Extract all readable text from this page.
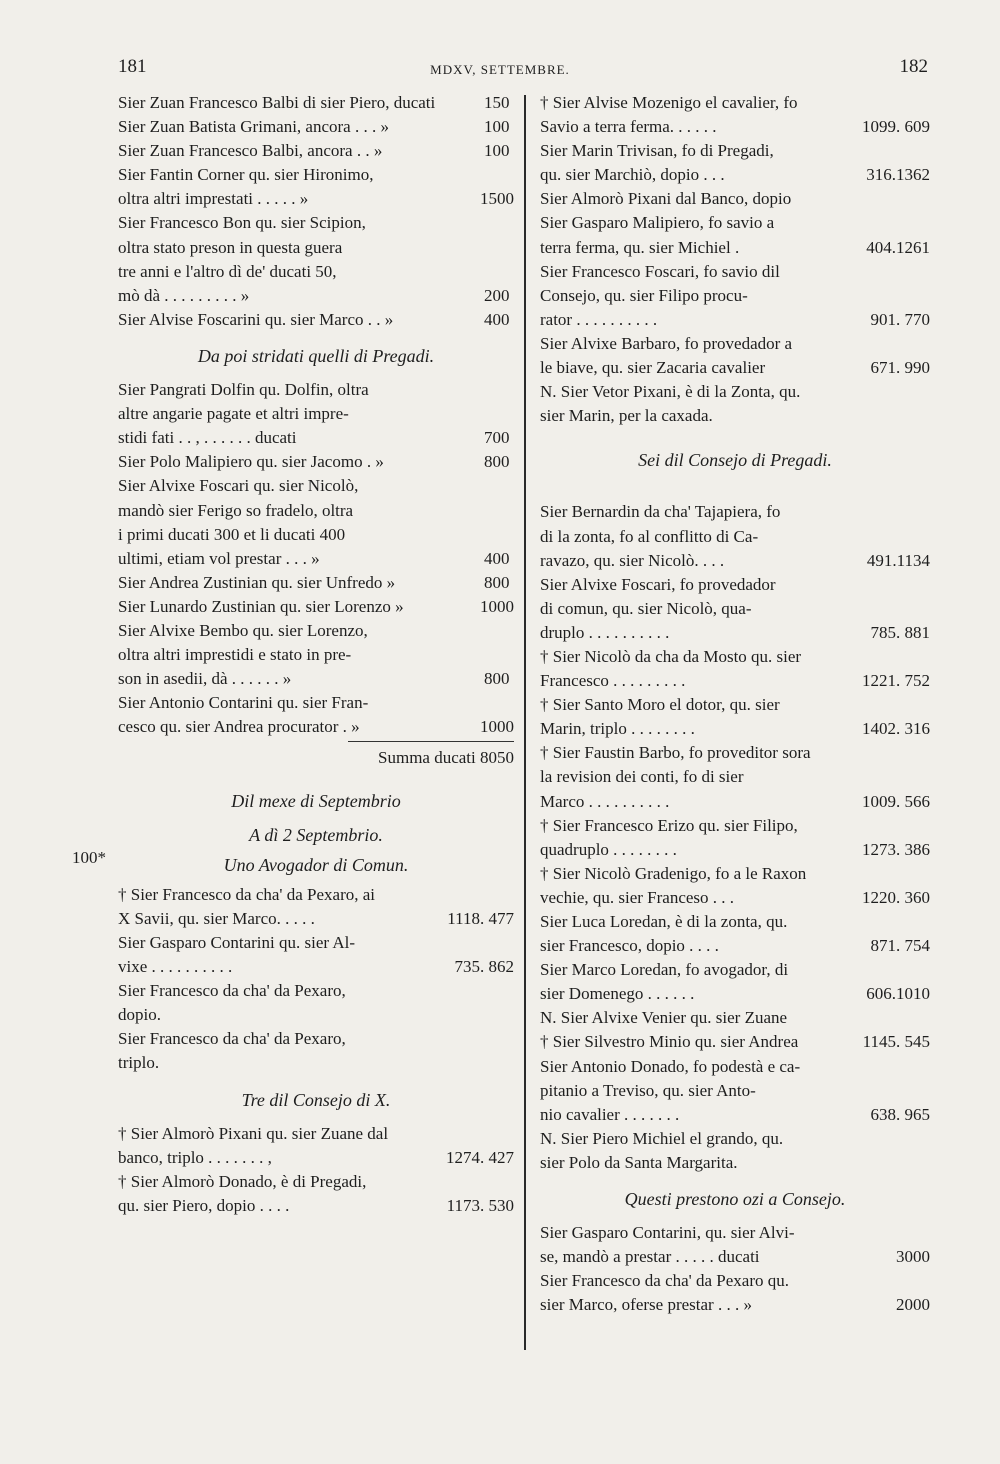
181	MDXV, SETTEMBRE.	182
100*
Sier Zuan Francesco Balbi di sier Piero, ducati	150
Sier Zuan Batista Grimani, ancora . . . »	100
Sier Zuan Francesco Balbi, ancora . . »	100
Sier Fantin Corner qu. sier Hironimo,
oltra altri imprestati . . . . . »	1500
Sier Francesco Bon qu. sier Scipion,
oltra stato preson in questa guera
tre anni e l'altro dì de' ducati 50,
mò dà . . . . . . . . . »	200
Sier Alvise Foscarini qu. sier Marco . . »	400
Da poi stridati quelli di Pregadi.
Sier Pangrati Dolfin qu. Dolfin, oltra
altre angarie pagate et altri impre-
stidi fati . . , . . . . . . ducati	700
Sier Polo Malipiero qu. sier Jacomo . »	800
Sier Alvixe Foscari qu. sier Nicolò,
mandò sier Ferigo so fradelo, oltra
i primi ducati 300 et li ducati 400
ultimi, etiam vol prestar . . . »	400
Sier Andrea Zustinian qu. sier Unfredo »	800
Sier Lunardo Zustinian qu. sier Lorenzo »	1000
Sier Alvixe Bembo qu. sier Lorenzo,
oltra altri imprestidi e stato in pre-
son in asedii, dà . . . . . . »	800
Sier Antonio Contarini qu. sier Fran-
cesco qu. sier Andrea procurator . »	1000
Summa ducati 8050
Dil mexe di Septembrio
A dì 2 Septembrio.
Uno Avogador di Comun.
† Sier Francesco da cha' da Pexaro, ai
X Savii, qu. sier Marco. . . . .	1118. 477
Sier Gasparo Contarini qu. sier Al-
vixe . . . . . . . . . .	735. 862
Sier Francesco da cha' da Pexaro,
dopio.
Sier Francesco da cha' da Pexaro,
triplo.
Tre dil Consejo di X.
† Sier Almorò Pixani qu. sier Zuane dal
banco, triplo . . . . . . . ,	1274. 427
† Sier Almorò Donado, è di Pregadi,
qu. sier Piero, dopio . . . .	1173. 530
† Sier Alvise Mozenigo el cavalier, fo
Savio a terra ferma. . . . . .	1099. 609
Sier Marin Trivisan, fo di Pregadi,
qu. sier Marchiò, dopio . . .	316.1362
Sier Almorò Pixani dal Banco, dopio
Sier Gasparo Malipiero, fo savio a
terra ferma, qu. sier Michiel .	404.1261
Sier Francesco Foscari, fo savio dil
Consejo, qu. sier Filipo procu-
rator . . . . . . . . . .	901. 770
Sier Alvixe Barbaro, fo provedador a
le biave, qu. sier Zacaria cavalier	671. 990
N. Sier Vetor Pixani, è di la Zonta, qu.
sier Marin, per la caxada.
Sei dil Consejo di Pregadi.
Sier Bernardin da cha' Tajapiera, fo
di la zonta, fo al conflitto di Ca-
ravazo, qu. sier Nicolò. . . .	491.1134
Sier Alvixe Foscari, fo provedador
di comun, qu. sier Nicolò, qua-
druplo . . . . . . . . . .	785. 881
† Sier Nicolò da cha da Mosto qu. sier
Francesco . . . . . . . . .	1221. 752
† Sier Santo Moro el dotor, qu. sier
Marin, triplo . . . . . . . .	1402. 316
† Sier Faustin Barbo, fo proveditor sora
la revision dei conti, fo di sier
Marco . . . . . . . . . .	1009. 566
† Sier Francesco Erizo qu. sier Filipo,
quadruplo . . . . . . . .	1273. 386
† Sier Nicolò Gradenigo, fo a le Raxon
vechie, qu. sier Franceso . . .	1220. 360
Sier Luca Loredan, è di la zonta, qu.
sier Francesco, dopio . . . .	871. 754
Sier Marco Loredan, fo avogador, di
sier Domenego . . . . . .	606.1010
N. Sier Alvixe Venier qu. sier Zuane
† Sier Silvestro Minio qu. sier Andrea	1145. 545
Sier Antonio Donado, fo podestà e ca-
pitanio a Treviso, qu. sier Anto-
nio cavalier . . . . . . .	638. 965
N. Sier Piero Michiel el grando, qu.
sier Polo da Santa Margarita.
Questi prestono ozi a Consejo.
Sier Gasparo Contarini, qu. sier Alvi-
se, mandò a prestar . . . . . ducati	3000
Sier Francesco da cha' da Pexaro qu.
sier Marco, oferse prestar . . . »	2000
